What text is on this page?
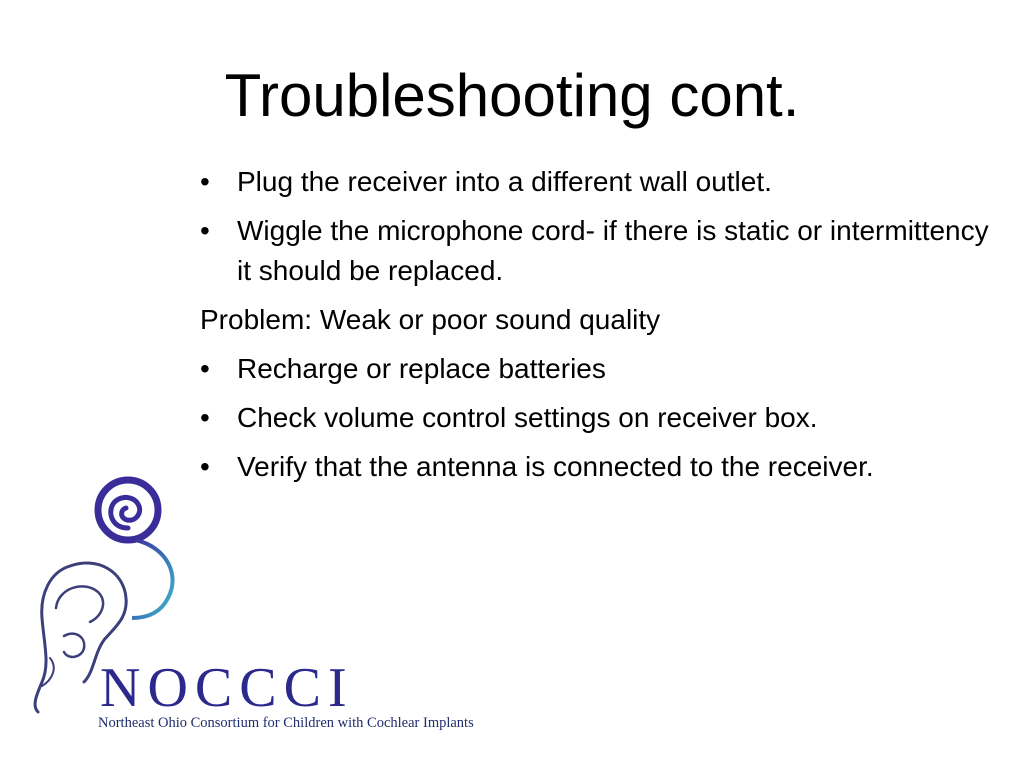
Troubleshooting cont.
• Plug the receiver into a different wall outlet.
• Wiggle the microphone cord- if there is static or intermittency it should be replaced.
Problem: Weak or poor sound quality
• Recharge or replace batteries
• Check volume control settings on receiver box.
• Verify that the antenna is connected to the receiver.
NOCCCI
Northeast Ohio Consortium for Children with Cochlear Implants
